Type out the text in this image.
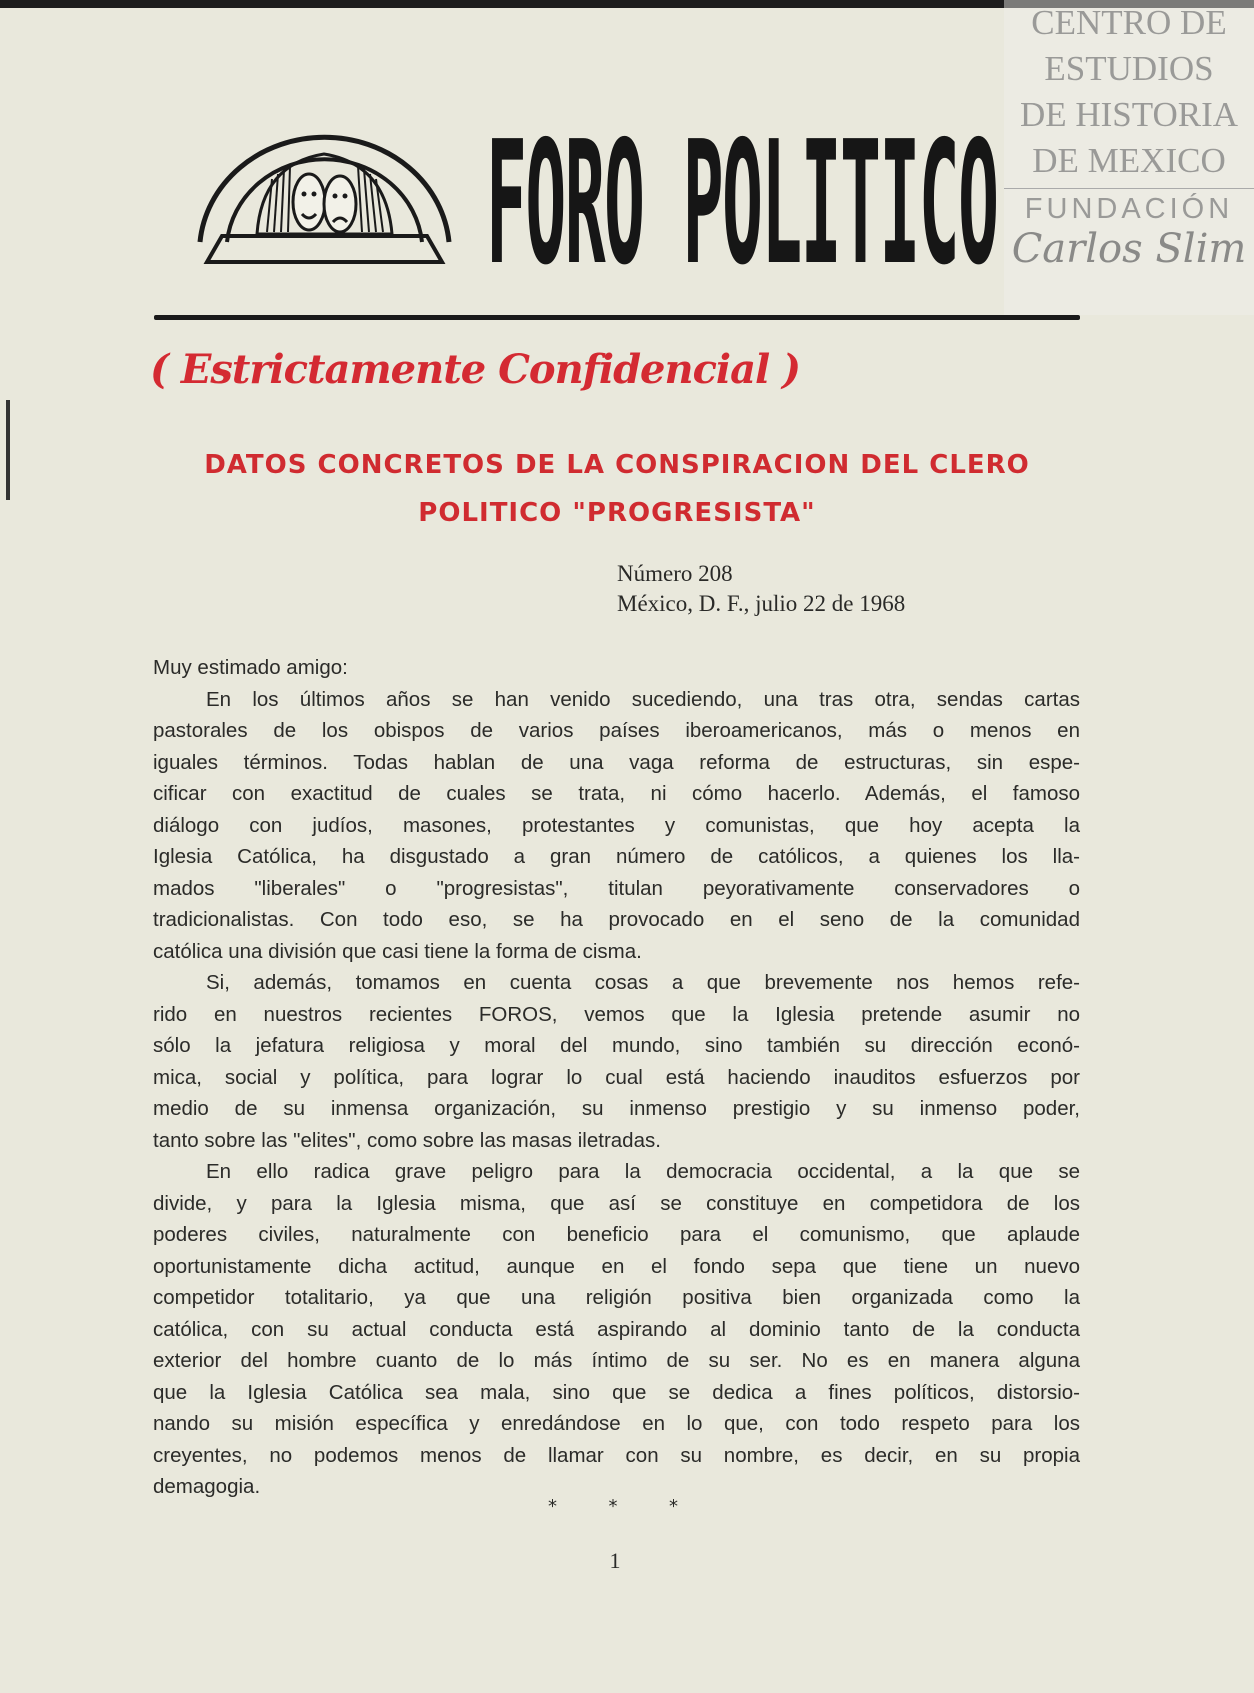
CENTRO DE
ESTUDIOS
DE HISTORIA
DE MEXICO
FUNDACIÓN
Carlos Slim
FORO POLITICO
( Estrictamente Confidencial )
DATOS CONCRETOS DE LA CONSPIRACION DEL CLERO
POLITICO "PROGRESISTA"
Número 208
México, D. F., julio 22 de 1968
Muy estimado amigo:
En los últimos años se han venido sucediendo, una tras otra, sendas cartas
pastorales de los obispos de varios países iberoamericanos, más o menos en
iguales términos. Todas hablan de una vaga reforma de estructuras, sin espe-
cificar con exactitud de cuales se trata, ni cómo hacerlo. Además, el famoso
diálogo con judíos, masones, protestantes y comunistas, que hoy acepta la
Iglesia Católica, ha disgustado a gran número de católicos, a quienes los lla-
mados "liberales" o "progresistas", titulan peyorativamente conservadores o
tradicionalistas. Con todo eso, se ha provocado en el seno de la comunidad
católica una división que casi tiene la forma de cisma.
Si, además, tomamos en cuenta cosas a que brevemente nos hemos refe-
rido en nuestros recientes FOROS, vemos que la Iglesia pretende asumir no
sólo la jefatura religiosa y moral del mundo, sino también su dirección econó-
mica, social y política, para lograr lo cual está haciendo inauditos esfuerzos por
medio de su inmensa organización, su inmenso prestigio y su inmenso poder,
tanto sobre las "elites", como sobre las masas iletradas.
En ello radica grave peligro para la democracia occidental, a la que se
divide, y para la Iglesia misma, que así se constituye en competidora de los
poderes civiles, naturalmente con beneficio para el comunismo, que aplaude
oportunistamente dicha actitud, aunque en el fondo sepa que tiene un nuevo
competidor totalitario, ya que una religión positiva bien organizada como la
católica, con su actual conducta está aspirando al dominio tanto de la conducta
exterior del hombre cuanto de lo más íntimo de su ser. No es en manera alguna
que la Iglesia Católica sea mala, sino que se dedica a fines políticos, distorsio-
nando su misión específica y enredándose en lo que, con todo respeto para los
creyentes, no podemos menos de llamar con su nombre, es decir, en su propia
demagogia.
*	*	*
1
